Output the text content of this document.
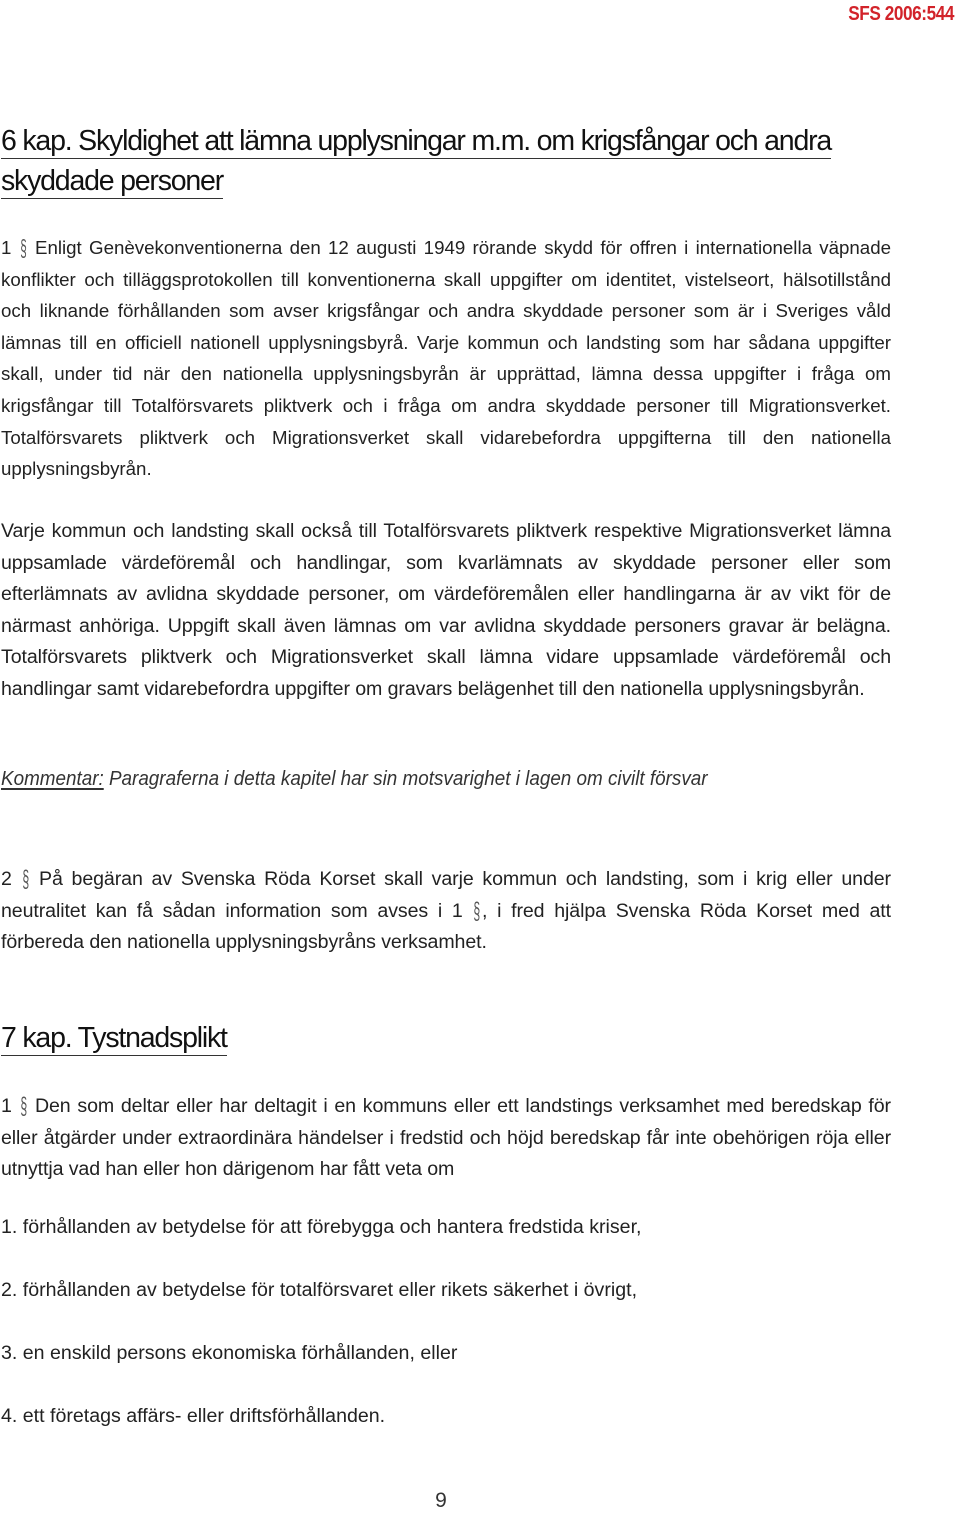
SFS 2006:544
6 kap. Skyldighet att lämna upplysningar m.m. om krigsfångar och andra
skyddade personer

1 § Enligt Genèvekonventionerna den 12 augusti 1949 rörande skydd för offren i internationella väpnade konflikter och tilläggsprotokollen till konventionerna skall uppgifter om identitet, vistelseort, hälsotillstånd och liknande förhållanden som avser krigsfångar och andra skyddade personer som är i Sveriges våld lämnas till en officiell nationell upplysningsbyrå. Varje kommun och landsting som har sådana uppgifter skall, under tid när den nationella upplysningsbyrån är upprättad, lämna dessa uppgifter i fråga om krigsfångar till Totalförsvarets pliktverk och i fråga om andra skyddade personer till Migrationsverket. Totalförsvarets pliktverk och Migrationsverket skall vidarebefordra uppgifterna till den nationella upplysningsbyrån.

Varje kommun och landsting skall också till Totalförsvarets pliktverk respektive Migrationsverket lämna uppsamlade värdeföremål och handlingar, som kvarlämnats av skyddade personer eller som efterlämnats av avlidna skyddade personer, om värdeföremålen eller handlingarna är av vikt för de närmast anhöriga. Uppgift skall även lämnas om var avlidna skyddade personers gravar är belägna. Totalförsvarets pliktverk och Migrationsverket skall lämna vidare uppsamlade värdeföremål och handlingar samt vidarebefordra uppgifter om gravars belägenhet till den nationella upplysningsbyrån.

Kommentar: Paragraferna i detta kapitel har sin motsvarighet i lagen om civilt försvar

2 § På begäran av Svenska Röda Korset skall varje kommun och landsting, som i krig eller under neutralitet kan få sådan information som avses i 1 §, i fred hjälpa Svenska Röda Korset med att förbereda den nationella upplysningsbyråns verksamhet.

7 kap. Tystnadsplikt

1 § Den som deltar eller har deltagit i en kommuns eller ett landstings verksamhet med beredskap för eller åtgärder under extraordinära händelser i fredstid och höjd beredskap får inte obehörigen röja eller utnyttja vad han eller hon därigenom har fått veta om

1. förhållanden av betydelse för att förebygga och hantera fredstida kriser,

2. förhållanden av betydelse för totalförsvaret eller rikets säkerhet i övrigt,

3. en enskild persons ekonomiska förhållanden, eller

4. ett företags affärs- eller driftsförhållanden.

9
